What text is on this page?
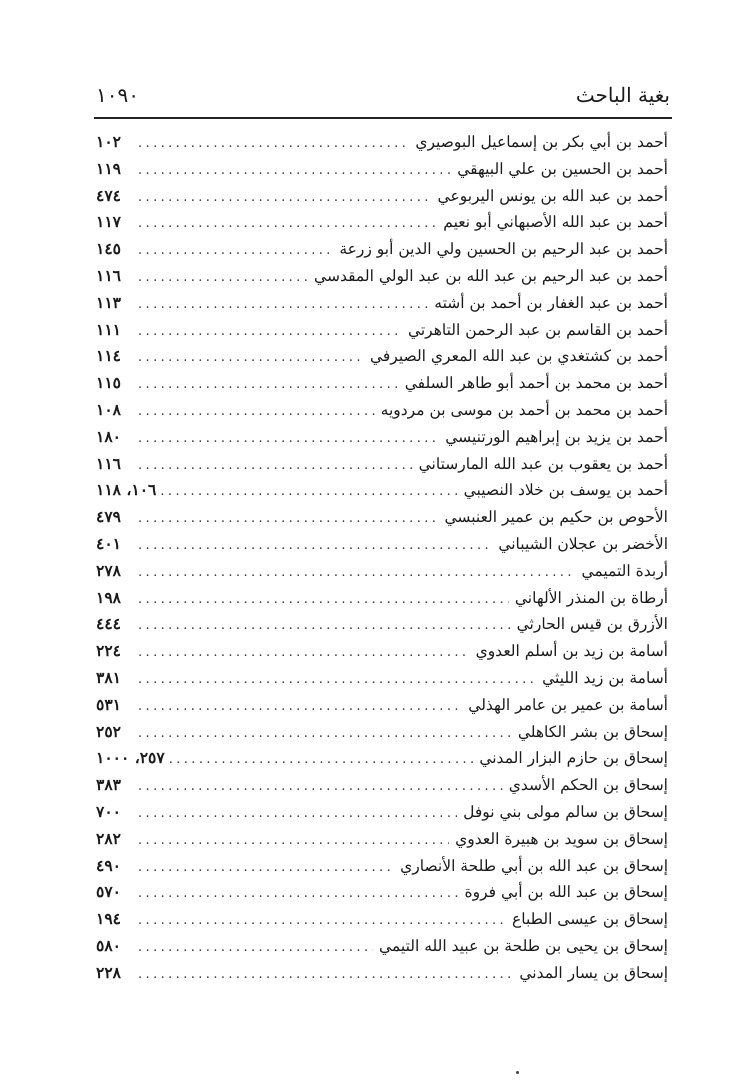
بغية الباحث
١٠٩٠
أحمد بن أبي بكر بن إسماعيل البوصيري
.....
١٠٢
أحمد بن الحسين بن علي البيهقي
.....
١١٩
أحمد بن عبد الله بن يونس اليربوعي
.....
٤٧٤
أحمد بن عبد الله الأصبهاني أبو نعيم
.....
١١٧
أحمد بن عبد الرحيم بن الحسين ولي الدين أبو زرعة
.....
١٤٥
أحمد بن عبد الرحيم بن عبد الله بن عبد الولي المقدسي
.....
١١٦
أحمد بن عبد الغفار بن أحمد بن أشته
.....
١١٣
أحمد بن القاسم بن عبد الرحمن التاهرتي
.....
١١١
أحمد بن كشتغدي بن عبد الله المعري الصيرفي
.....
١١٤
أحمد بن محمد بن أحمد أبو طاهر السلفي
.....
١١٥
أحمد بن محمد بن أحمد بن موسى بن مردويه
.....
١٠٨
أحمد بن يزيد بن إبراهيم الورتنيسي
.....
١٨٠
أحمد بن يعقوب بن عبد الله المارستاني
.....
١١٦
أحمد بن يوسف بن خلاد النصيبي
.....
١٠٦، ١١٨
الأحوص بن حكيم بن عمير العنبسي
.....
٤٧٩
الأخضر بن عجلان الشيباني
.....
٤٠١
أربدة التميمي
.....
٢٧٨
أرطاة بن المنذر الألهاني
.....
١٩٨
الأزرق بن قيس الحارثي
.....
٤٤٤
أسامة بن زيد بن أسلم العدوي
.....
٢٢٤
أسامة بن زيد الليثي
.....
٣٨١
أسامة بن عمير بن عامر الهذلي
.....
٥٣١
إسحاق بن بشر الكاهلي
.....
٢٥٢
إسحاق بن حازم البزار المدني
.....
٢٥٧، ١٠٠٠
إسحاق بن الحكم الأسدي
.....
٣٨٣
إسحاق بن سالم مولى بني نوفل
.....
٧٠٠
إسحاق بن سويد بن هبيرة العدوي
.....
٢٨٢
إسحاق بن عبد الله بن أبي طلحة الأنصاري
.....
٤٩٠
إسحاق بن عبد الله بن أبي فروة
.....
٥٧٠
إسحاق بن عيسى الطباع
.....
١٩٤
إسحاق بن يحيى بن طلحة بن عبيد الله التيمي
.....
٥٨٠
إسحاق بن يسار المدني
.....
٢٢٨
